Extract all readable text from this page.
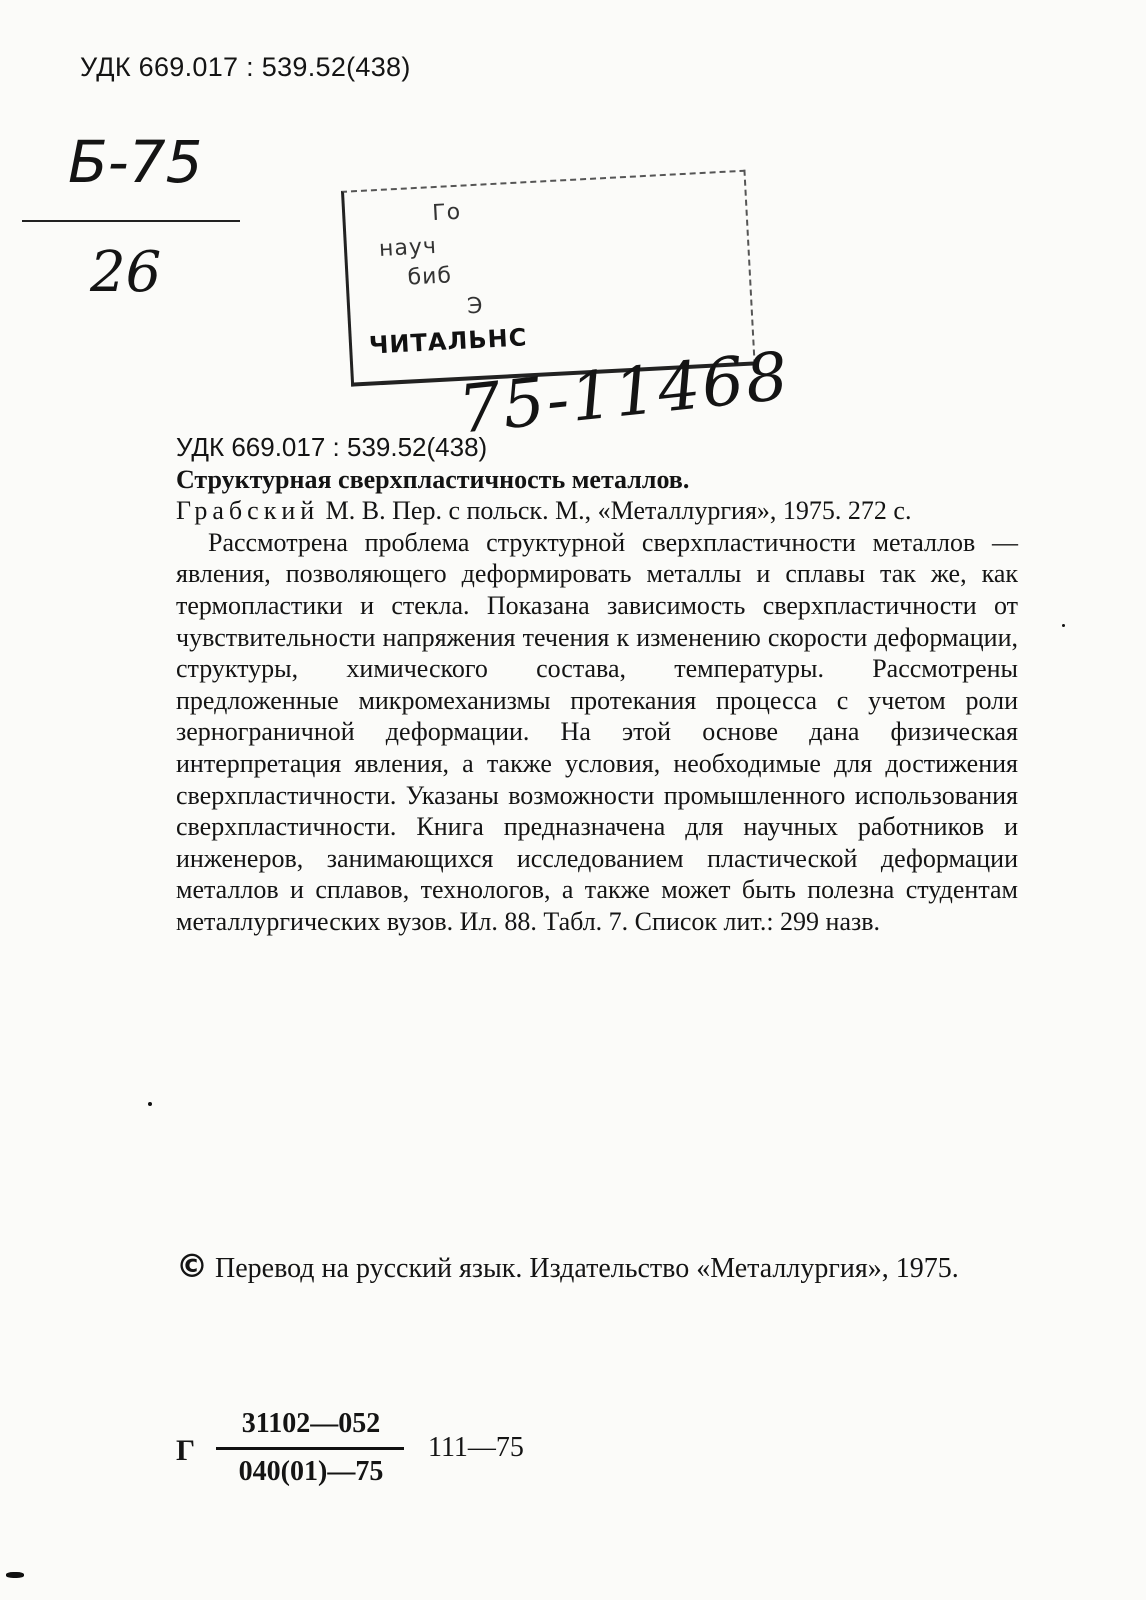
УДК 669.017 : 539.52(438)
Б-75
26
Го
науч
биб
Э
ЧИТАЛЬНС
75-11468
УДК 669.017 : 539.52(438)

Структурная сверхпластичность металлов.
Грабский М. В. Пер. с польск. М., «Металлургия», 1975. 272 с.

Рассмотрена проблема структурной сверхпластичности металлов — явления, позволяющего деформировать металлы и сплавы так же, как термопластики и стекла. Показана зависимость сверхпластичности от чувствительности напряжения течения к изменению скорости деформации, структуры, химического состава, температуры. Рассмотрены предложенные микромеханизмы протекания процесса с учетом роли зернограничной деформации. На этой основе дана физическая интерпретация явления, а также условия, необходимые для достижения сверхпластичности. Указаны возможности промышленного использования сверхпластичности. Книга предназначена для научных работников и инженеров, занимающихся исследованием пластической деформации металлов и сплавов, технологов, а также может быть полезна студентам металлургических вузов. Ил. 88. Табл. 7. Список лит.: 299 назв.

© Перевод на русский язык. Издательство «Металлургия», 1975.
Г
31102—052
040(01)—75
111—75
